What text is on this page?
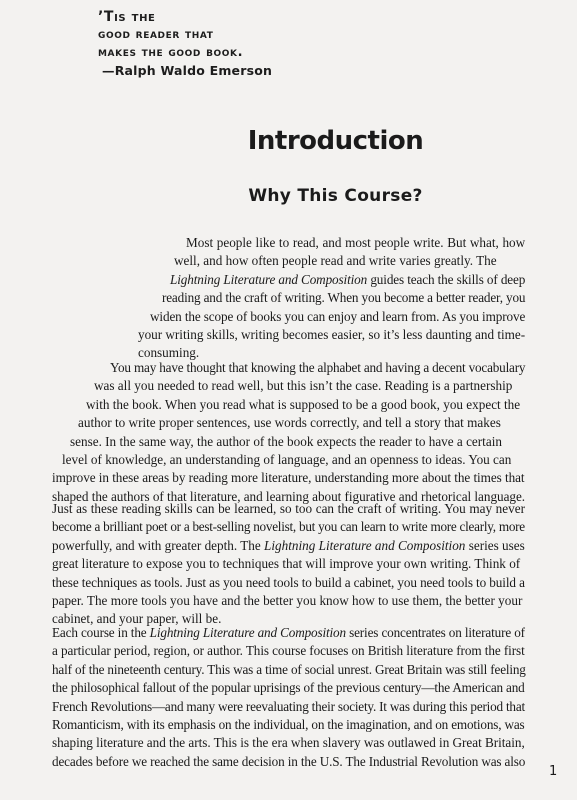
’Tis the
good reader that
makes the good book.
—Ralph Waldo Emerson
Introduction
Why This Course?
Most people like to read, and most people write. But what, how
well, and how often people read and write varies greatly. The
Lightning Literature and Composition guides teach the skills of deep
reading and the craft of writing. When you become a better reader, you
widen the scope of books you can enjoy and learn from. As you improve
your writing skills, writing becomes easier, so it’s less daunting and time-
consuming.
You may have thought that knowing the alphabet and having a decent vocabulary
was all you needed to read well, but this isn’t the case. Reading is a partnership
with the book. When you read what is supposed to be a good book, you expect the
author to write proper sentences, use words correctly, and tell a story that makes
sense. In the same way, the author of the book expects the reader to have a certain
level of knowledge, an understanding of language, and an openness to ideas. You can
improve in these areas by reading more literature, understanding more about the times that
shaped the authors of that literature, and learning about figurative and rhetorical language.
Just as these reading skills can be learned, so too can the craft of writing. You may never
become a brilliant poet or a best-selling novelist, but you can learn to write more clearly, more
powerfully, and with greater depth. The Lightning Literature and Composition series uses
great literature to expose you to techniques that will improve your own writing. Think of
these techniques as tools. Just as you need tools to build a cabinet, you need tools to build a
paper. The more tools you have and the better you know how to use them, the better your
cabinet, and your paper, will be.
Each course in the Lightning Literature and Composition series concentrates on literature of
a particular period, region, or author. This course focuses on British literature from the first
half of the nineteenth century. This was a time of social unrest. Great Britain was still feeling
the philosophical fallout of the popular uprisings of the previous century—the American and
French Revolutions—and many were reevaluating their society. It was during this period that
Romanticism, with its emphasis on the individual, on the imagination, and on emotions, was
shaping literature and the arts. This is the era when slavery was outlawed in Great Britain,
decades before we reached the same decision in the U.S. The Industrial Revolution was also
1
